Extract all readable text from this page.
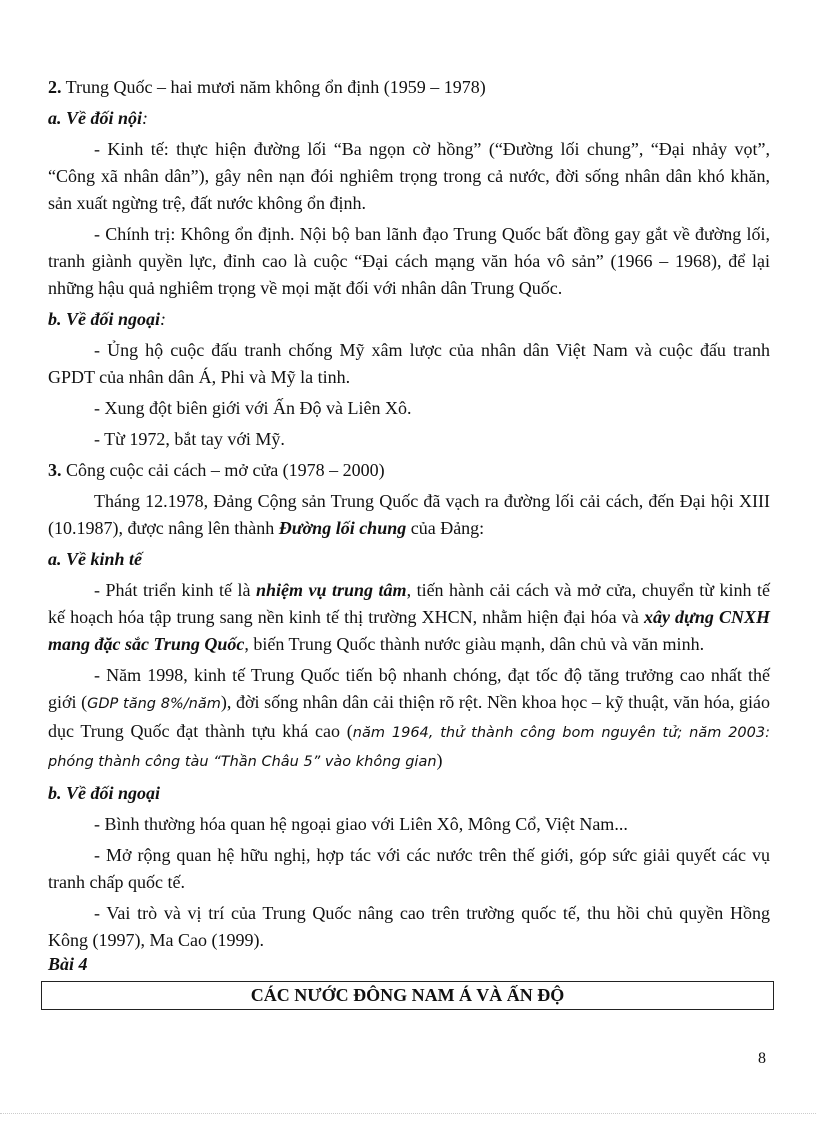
2. Trung Quốc – hai mươi năm không ổn định (1959 – 1978)

a. Về đối nội:

- Kinh tế: thực hiện đường lối “Ba ngọn cờ hồng” (“Đường lối chung”, “Đại nhảy vọt”, “Công xã nhân dân”), gây nên nạn đói nghiêm trọng trong cả nước, đời sống nhân dân khó khăn, sản xuất ngừng trệ, đất nước không ổn định.

- Chính trị: Không ổn định. Nội bộ ban lãnh đạo Trung Quốc bất đồng gay gắt về đường lối, tranh giành quyền lực, đỉnh cao là cuộc “Đại cách mạng văn hóa vô sản” (1966 – 1968), để lại những hậu quả nghiêm trọng về mọi mặt đối với nhân dân Trung Quốc.

b. Về đối ngoại:

- Ủng hộ cuộc đấu tranh chống Mỹ xâm lược của nhân dân Việt Nam và cuộc đấu tranh GPDT của nhân dân Á, Phi và Mỹ la tinh.

- Xung đột biên giới với Ấn Độ và Liên Xô.

- Từ 1972, bắt tay với Mỹ.

3. Công cuộc cải cách – mở cửa (1978 – 2000)

Tháng 12.1978, Đảng Cộng sản Trung Quốc đã vạch ra đường lối cải cách, đến Đại hội XIII (10.1987), được nâng lên thành Đường lối chung của Đảng:

a. Về kinh tế

- Phát triển kinh tế là nhiệm vụ trung tâm, tiến hành cải cách và mở cửa, chuyển từ kinh tế kế hoạch hóa tập trung sang nền kinh tế thị trường XHCN, nhằm hiện đại hóa và xây dựng CNXH mang đặc sắc Trung Quốc, biến Trung Quốc thành nước giàu mạnh, dân chủ và văn minh.

- Năm 1998, kinh tế Trung Quốc tiến bộ nhanh chóng, đạt tốc độ tăng trưởng cao nhất thế giới (GDP tăng 8%/năm), đời sống nhân dân cải thiện rõ rệt. Nền khoa học – kỹ thuật, văn hóa, giáo dục Trung Quốc đạt thành tựu khá cao (năm 1964, thử thành công bom nguyên tử; năm 2003: phóng thành công tàu “Thần Châu 5” vào không gian)

b. Về đối ngoại

- Bình thường hóa quan hệ ngoại giao với Liên Xô, Mông Cổ, Việt Nam...

- Mở rộng quan hệ hữu nghị, hợp tác với các nước trên thế giới, góp sức giải quyết các vụ tranh chấp quốc tế.

- Vai trò và vị trí của Trung Quốc nâng cao trên trường quốc tế, thu hồi chủ quyền Hồng Kông (1997), Ma Cao (1999).

Bài 4
CÁC NƯỚC ĐÔNG NAM Á VÀ ẤN ĐỘ
8
